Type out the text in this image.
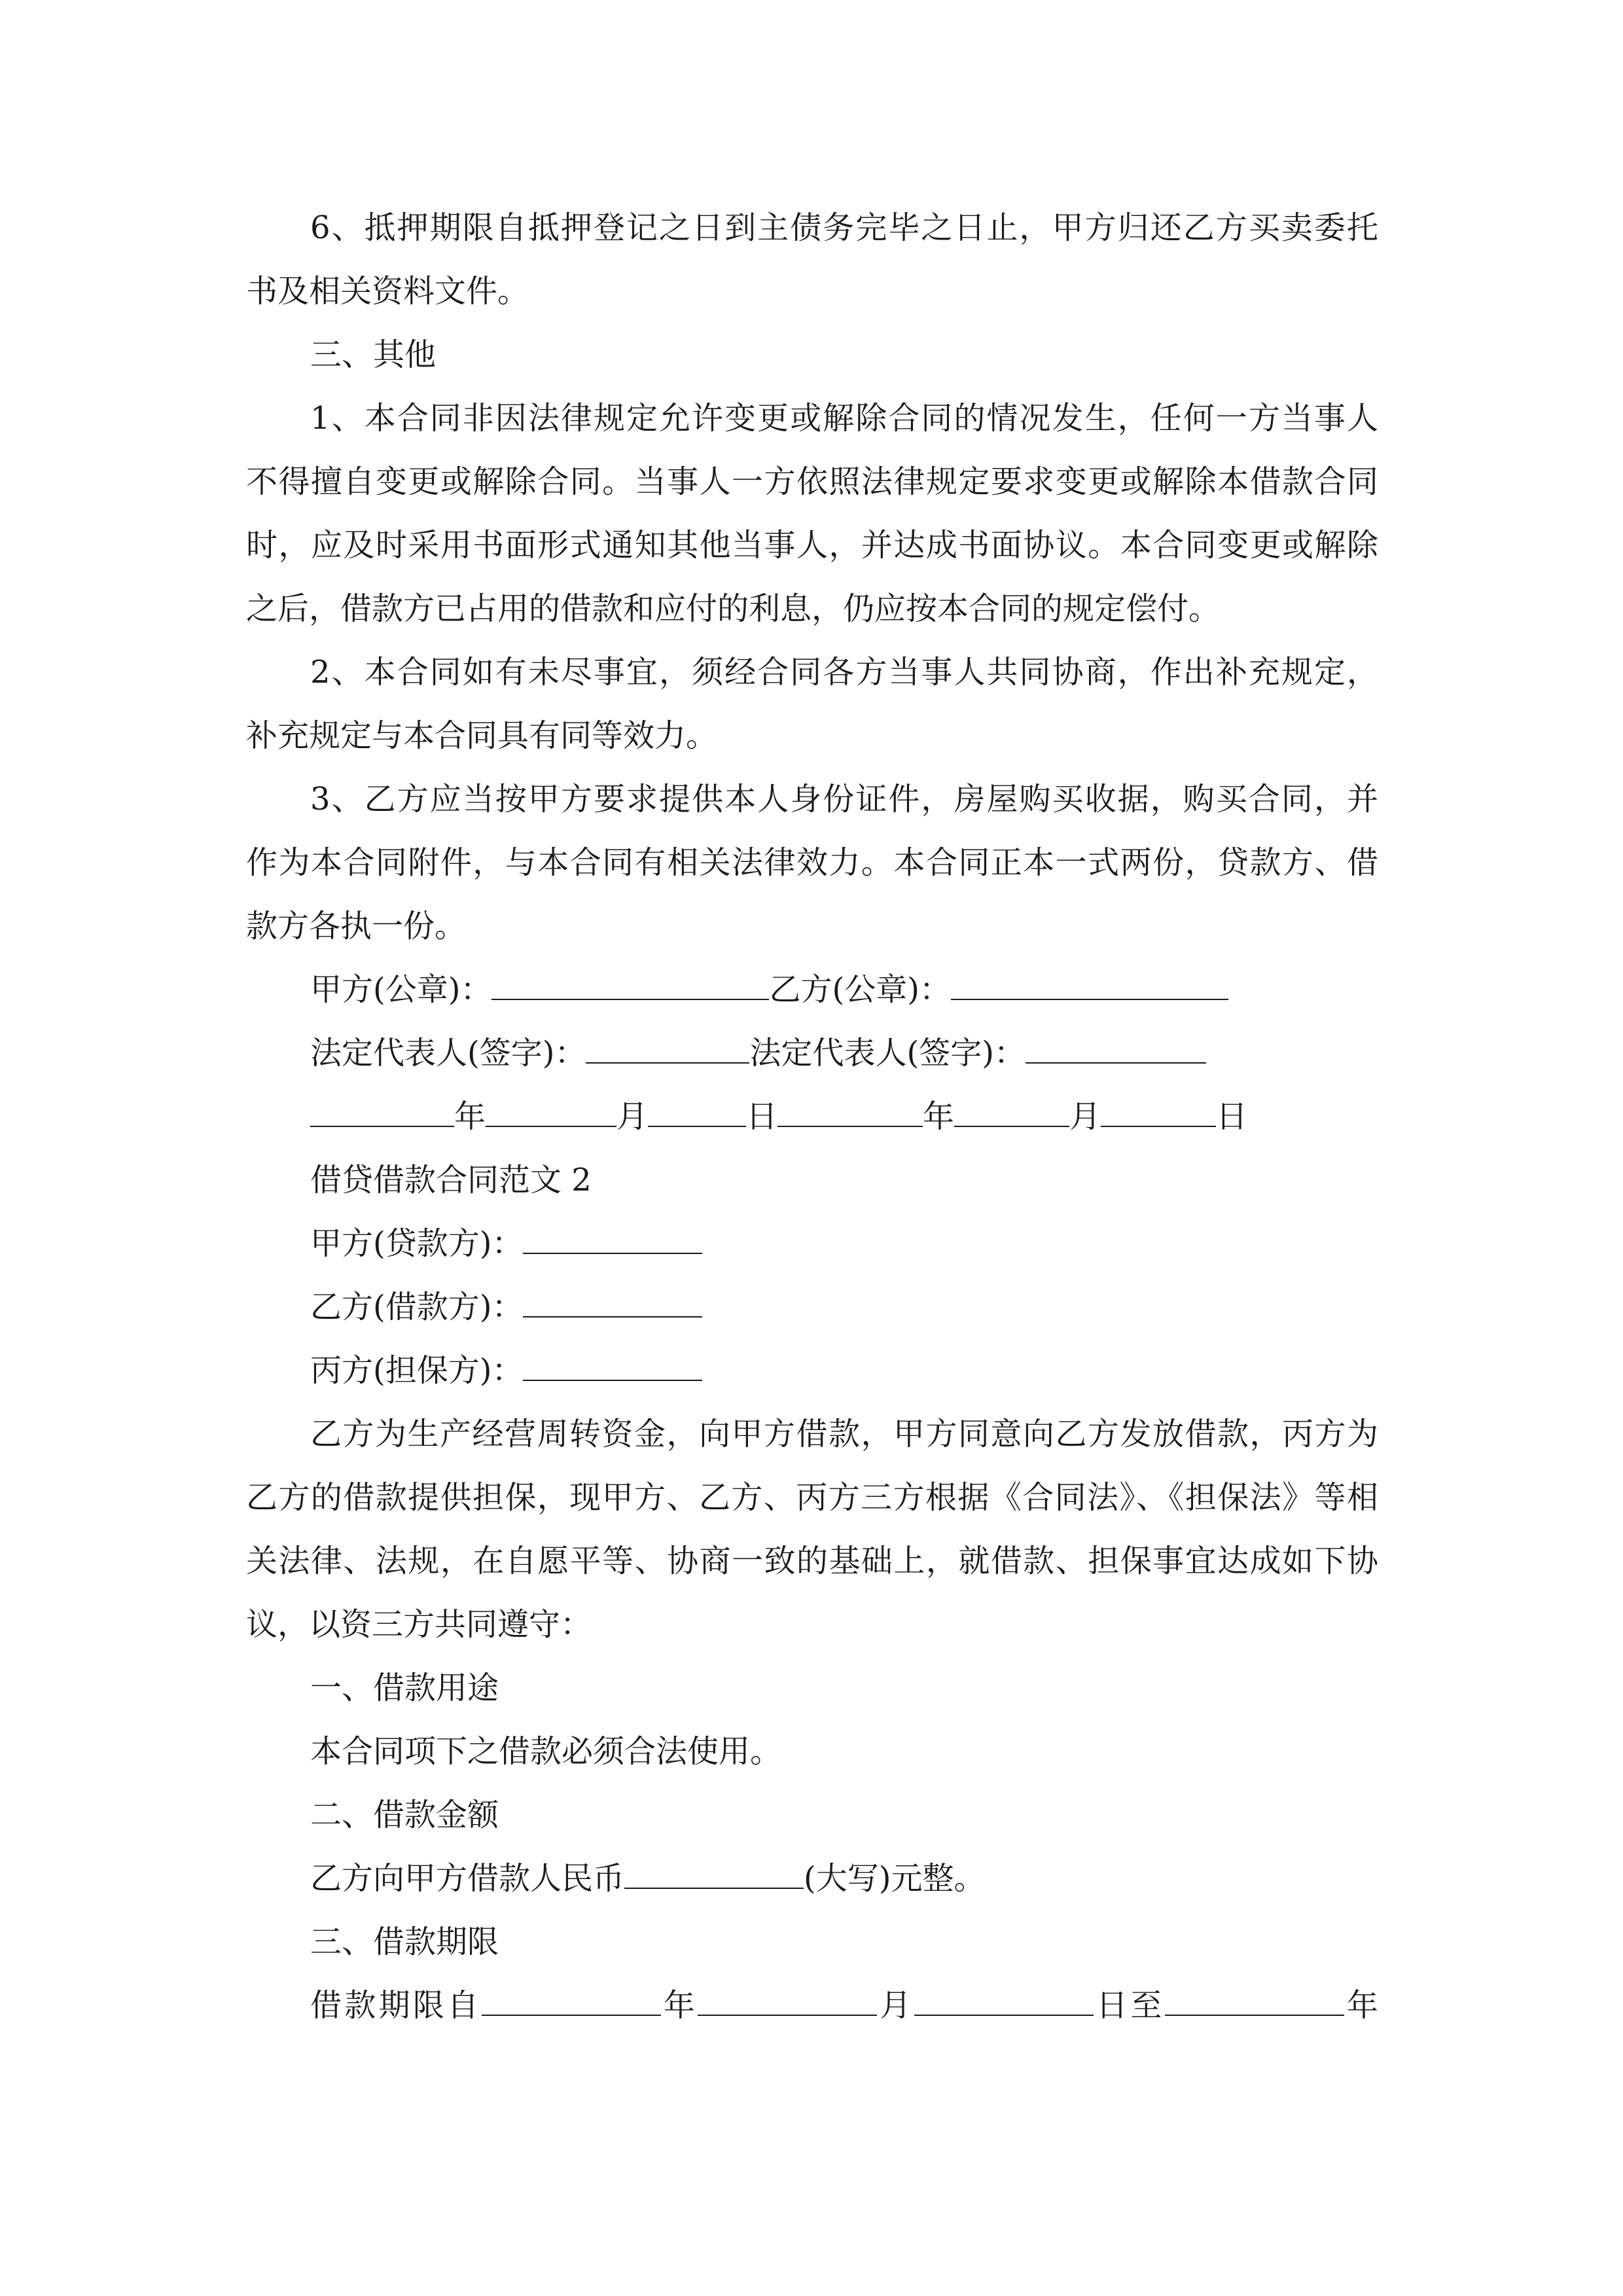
6、抵押期限自抵押登记之日到主债务完毕之日止，甲方归还乙方买卖委托
书及相关资料文件。
三、其他
1、本合同非因法律规定允许变更或解除合同的情况发生，任何一方当事人
不得擅自变更或解除合同。当事人一方依照法律规定要求变更或解除本借款合同
时，应及时采用书面形式通知其他当事人，并达成书面协议。本合同变更或解除
之后，借款方已占用的借款和应付的利息，仍应按本合同的规定偿付。
2、本合同如有未尽事宜，须经合同各方当事人共同协商，作出补充规定，
补充规定与本合同具有同等效力。
3、乙方应当按甲方要求提供本人身份证件，房屋购买收据，购买合同，并
作为本合同附件，与本合同有相关法律效力。本合同正本一式两份，贷款方、借
款方各执一份。
甲方(公章)：	乙方(公章)：
法定代表人(签字)：	法定代表人(签字)：
年	月	日	年	月	日
借贷借款合同范文 2
甲方(贷款方)：
乙方(借款方)：
丙方(担保方)：
乙方为生产经营周转资金，向甲方借款，甲方同意向乙方发放借款，丙方为
乙方的借款提供担保，现甲方、乙方、丙方三方根据《合同法》、《担保法》等相
关法律、法规，在自愿平等、协商一致的基础上，就借款、担保事宜达成如下协
议，以资三方共同遵守：
一、借款用途
本合同项下之借款必须合法使用。
二、借款金额
乙方向甲方借款人民币	(大写)元整。
三、借款期限
借款期限自	年	月	日至	年
